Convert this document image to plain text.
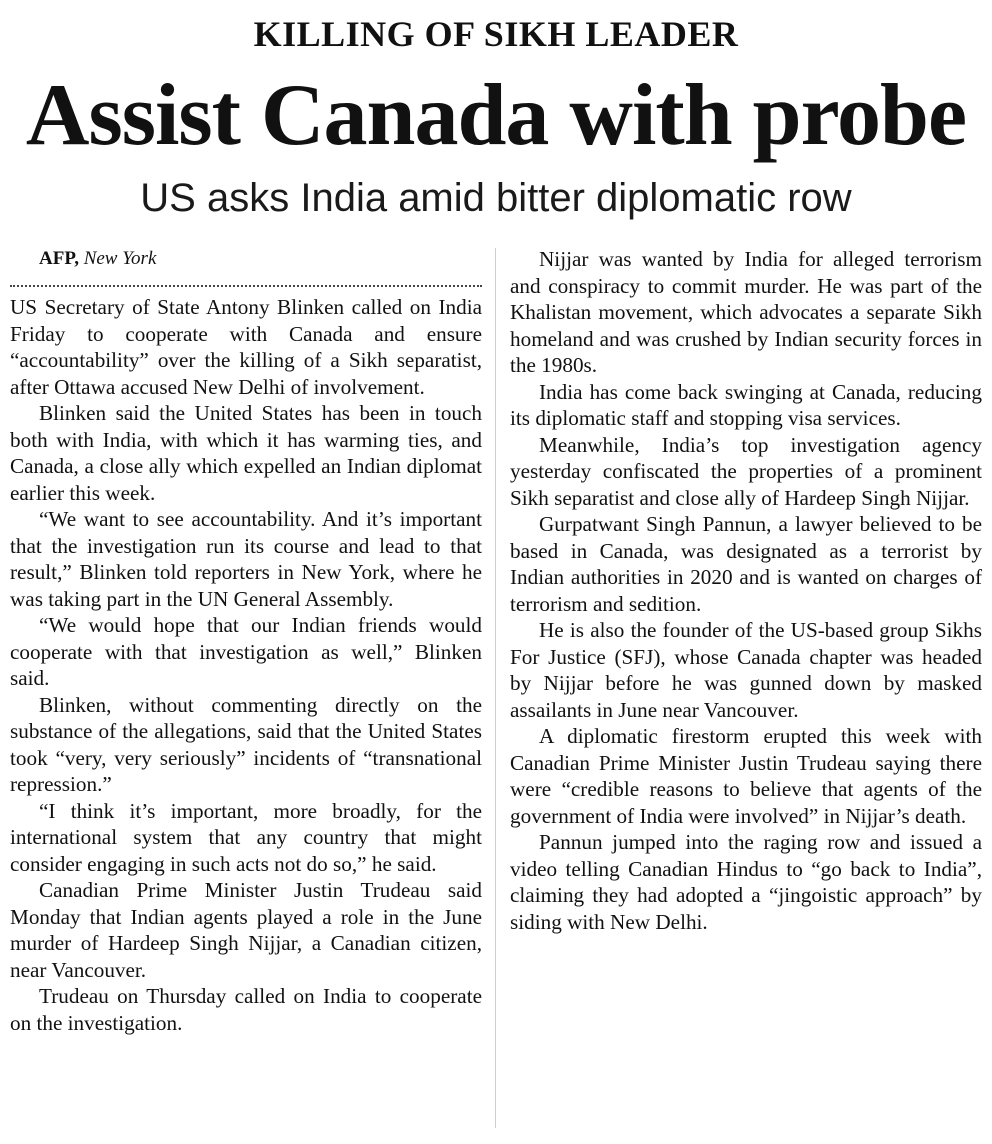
KILLING OF SIKH LEADER
Assist Canada with probe
US asks India amid bitter diplomatic row

AFP, New York

US Secretary of State Antony Blinken called on India Friday to cooperate with Canada and ensure “accountability” over the killing of a Sikh separatist, after Ottawa accused New Delhi of involvement.

Blinken said the United States has been in touch both with India, with which it has warming ties, and Canada, a close ally which expelled an Indian diplomat earlier this week.

“We want to see accountability. And it’s important that the investigation run its course and lead to that result,” Blinken told reporters in New York, where he was taking part in the UN General Assembly.

“We would hope that our Indian friends would cooperate with that investigation as well,” Blinken said.

Blinken, without commenting directly on the substance of the allegations, said that the United States took “very, very seriously” incidents of “transnational repression.”

“I think it’s important, more broadly, for the international system that any country that might consider engaging in such acts not do so,” he said.

Canadian Prime Minister Justin Trudeau said Monday that Indian agents played a role in the June murder of Hardeep Singh Nijjar, a Canadian citizen, near Vancouver.

Trudeau on Thursday called on India to cooperate on the investigation.

Nijjar was wanted by India for alleged terrorism and conspiracy to commit murder. He was part of the Khalistan movement, which advocates a separate Sikh homeland and was crushed by Indian security forces in the 1980s.

India has come back swinging at Canada, reducing its diplomatic staff and stopping visa services.

Meanwhile, India’s top investigation agency yesterday confiscated the properties of a prominent Sikh separatist and close ally of Hardeep Singh Nijjar.

Gurpatwant Singh Pannun, a lawyer believed to be based in Canada, was designated as a terrorist by Indian authorities in 2020 and is wanted on charges of terrorism and sedition.

He is also the founder of the US-based group Sikhs For Justice (SFJ), whose Canada chapter was headed by Nijjar before he was gunned down by masked assailants in June near Vancouver.

A diplomatic firestorm erupted this week with Canadian Prime Minister Justin Trudeau saying there were “credible reasons to believe that agents of the government of India were involved” in Nijjar’s death.

Pannun jumped into the raging row and issued a video telling Canadian Hindus to “go back to India”, claiming they had adopted a “jingoistic approach” by siding with New Delhi.
